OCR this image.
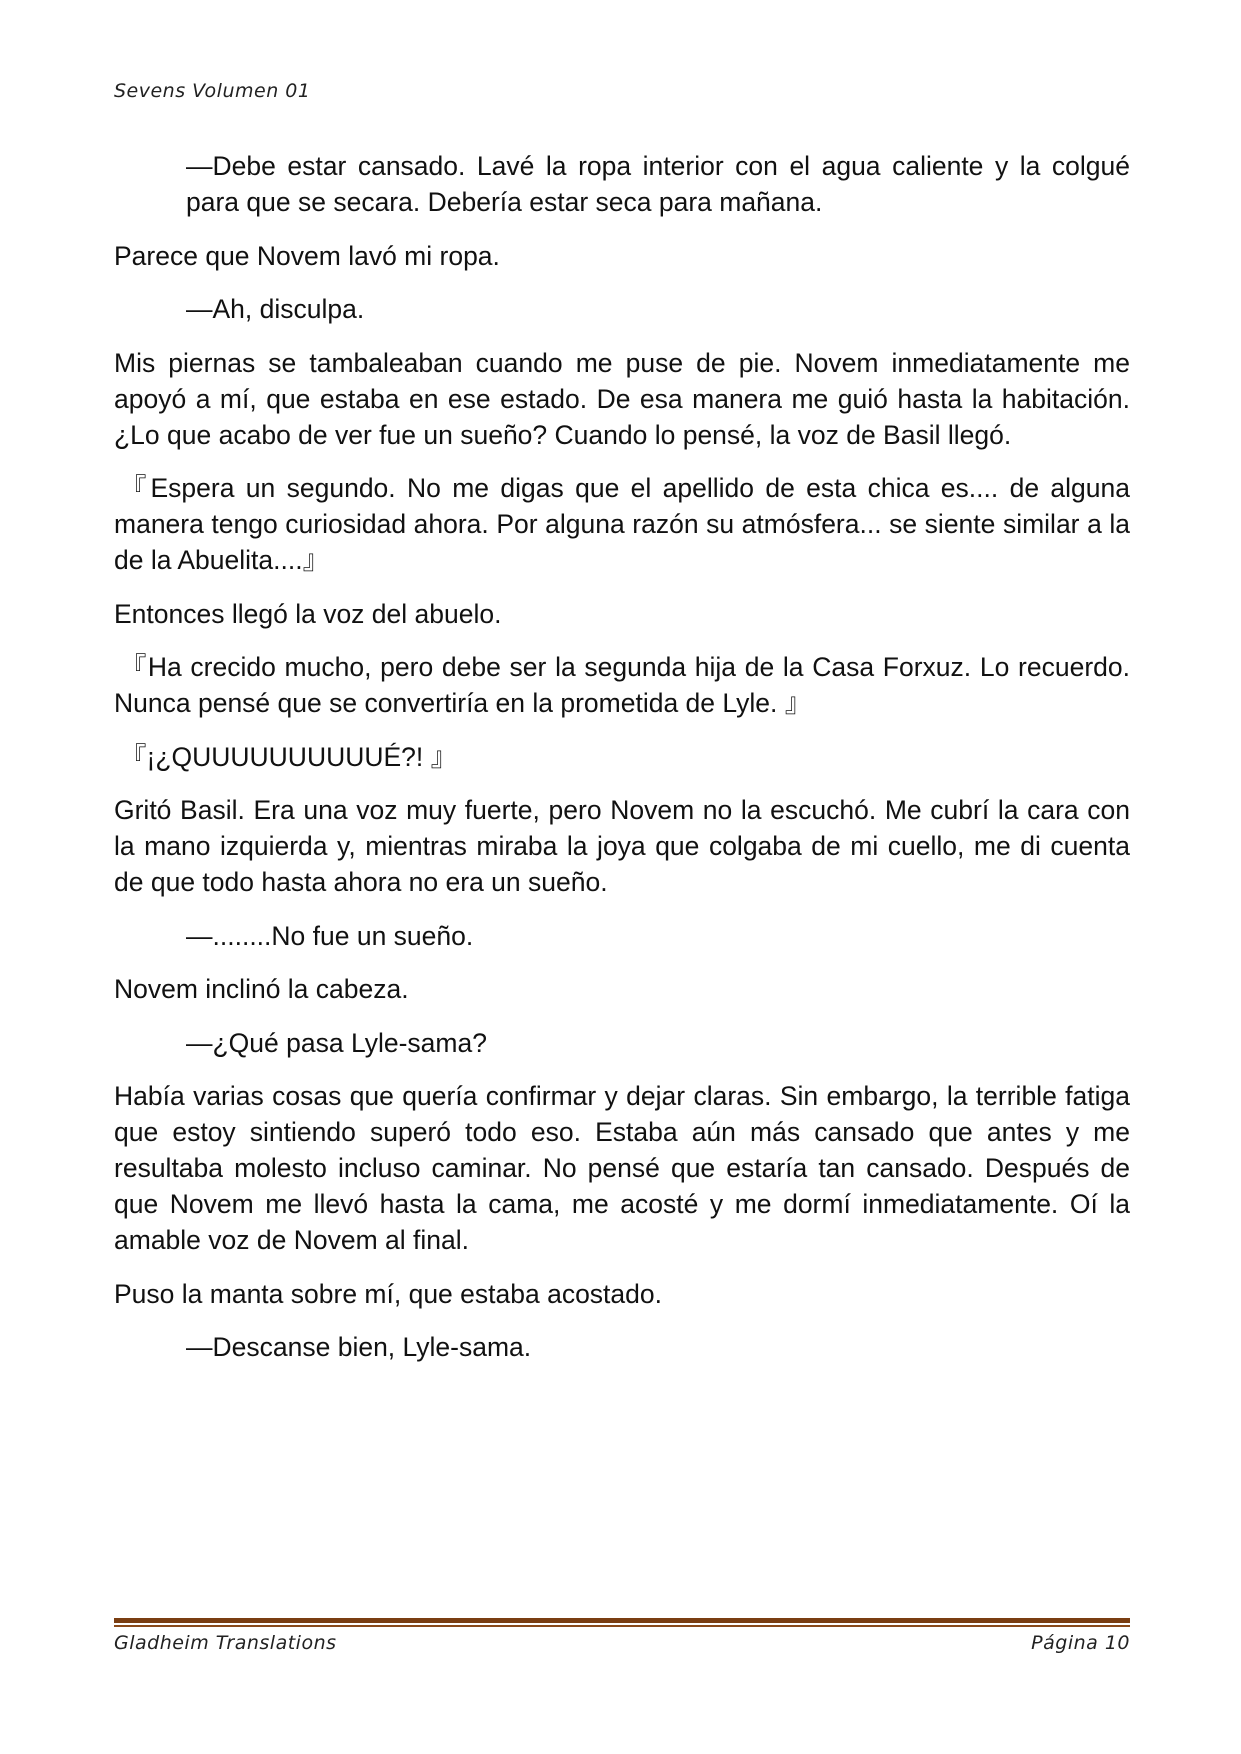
Sevens Volumen 01

—Debe estar cansado. Lavé la ropa interior con el agua caliente y la colgué para que se secara. Debería estar seca para mañana.

Parece que Novem lavó mi ropa.

—Ah, disculpa.

Mis piernas se tambaleaban cuando me puse de pie. Novem inmediatamente me apoyó a mí, que estaba en ese estado. De esa manera me guió hasta la habitación. ¿Lo que acabo de ver fue un sueño? Cuando lo pensé, la voz de Basil llegó.

『Espera un segundo. No me digas que el apellido de esta chica es.... de alguna manera tengo curiosidad ahora. Por alguna razón su atmósfera... se siente similar a la de la Abuelita....』

Entonces llegó la voz del abuelo.

『Ha crecido mucho, pero debe ser la segunda hija de la Casa Forxuz. Lo recuerdo. Nunca pensé que se convertiría en la prometida de Lyle. 』

『¡¿QUUUUUUUUUUÉ?! 』

Gritó Basil. Era una voz muy fuerte, pero Novem no la escuchó. Me cubrí la cara con la mano izquierda y, mientras miraba la joya que colgaba de mi cuello, me di cuenta de que todo hasta ahora no era un sueño.

—........No fue un sueño.

Novem inclinó la cabeza.

—¿Qué pasa Lyle-sama?

Había varias cosas que quería confirmar y dejar claras. Sin embargo, la terrible fatiga que estoy sintiendo superó todo eso. Estaba aún más cansado que antes y me resultaba molesto incluso caminar. No pensé que estaría tan cansado. Después de que Novem me llevó hasta la cama, me acosté y me dormí inmediatamente. Oí la amable voz de Novem al final.

Puso la manta sobre mí, que estaba acostado.

—Descanse bien, Lyle-sama.

Gladheim Translations	Página 10
